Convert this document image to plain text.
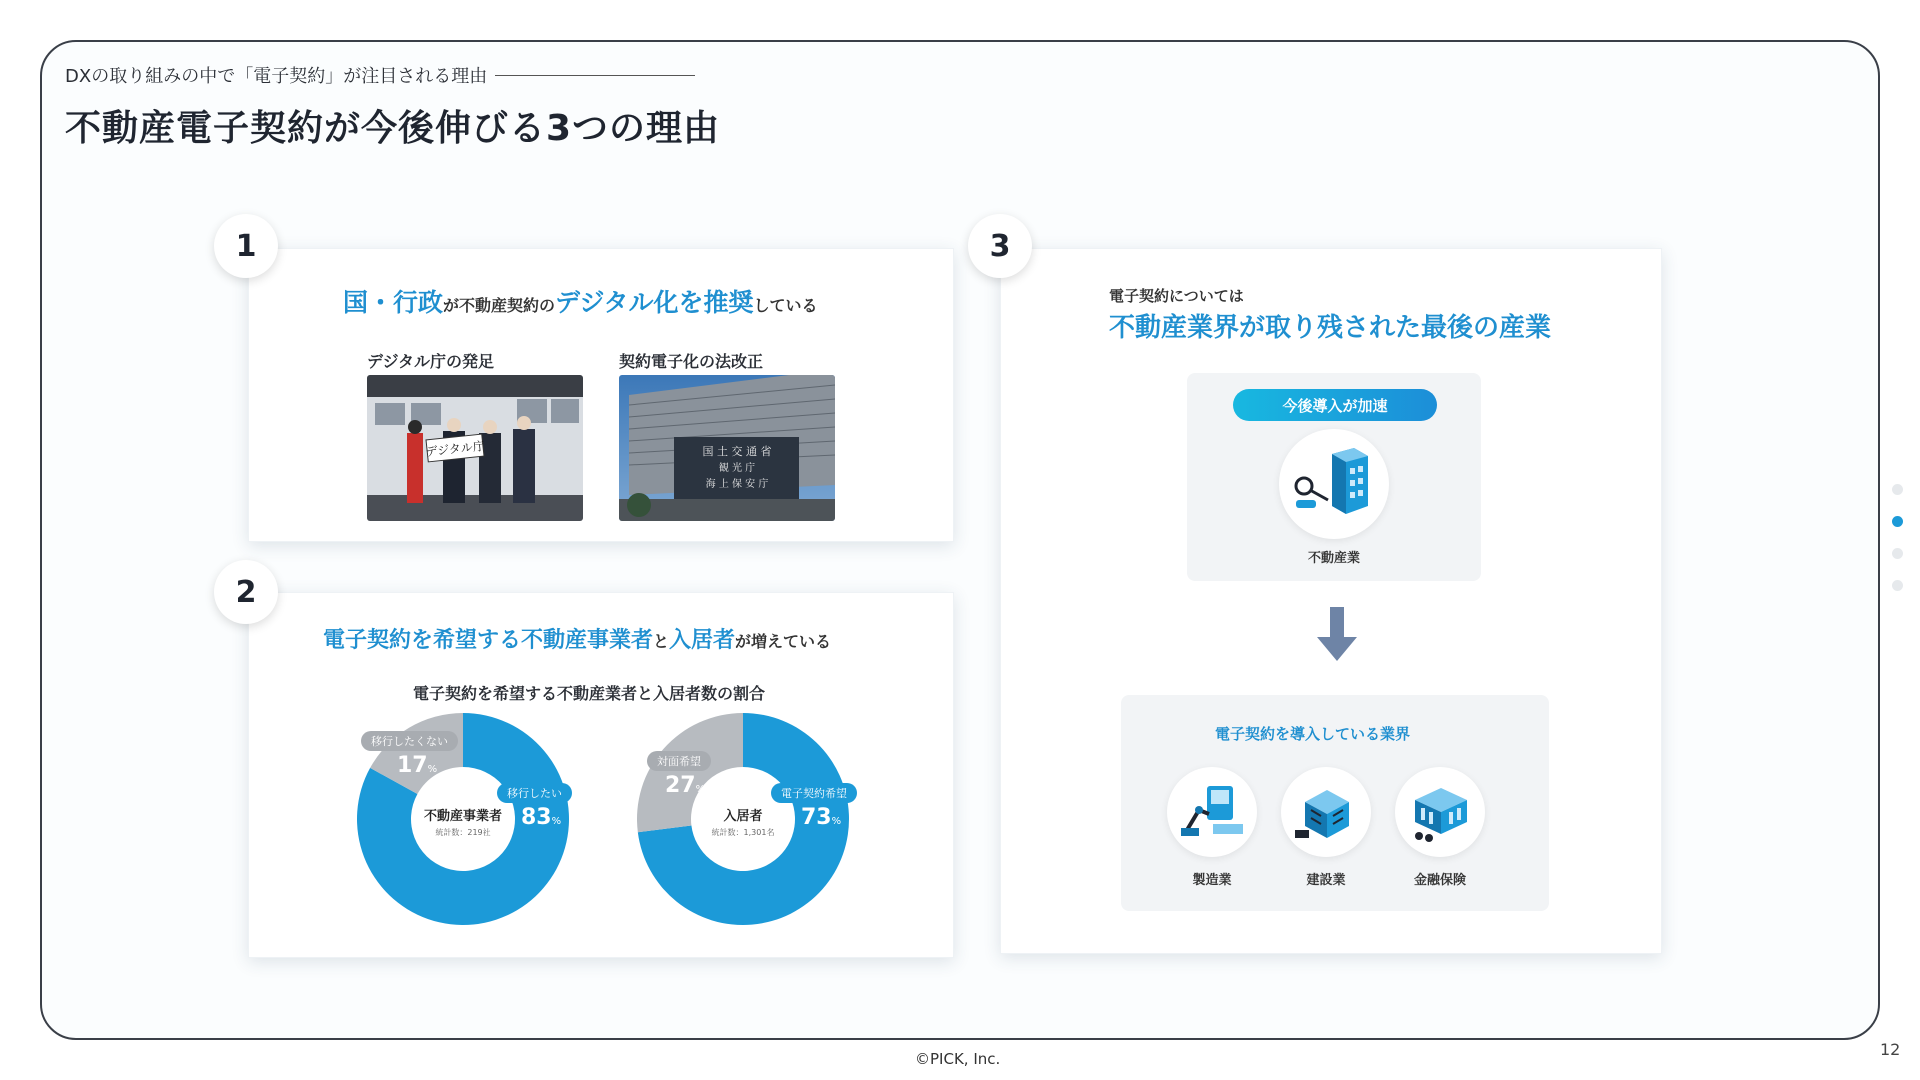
DXの取り組みの中で「電子契約」が注目される理由
不動産電子契約が今後伸びる3つの理由
国・行政が不動産契約のデジタル化を推奨している
デジタル庁の発足
デジタル庁
契約電子化の法改正
国 土 交 通 省
観 光 庁
海 上 保 安 庁
1
電子契約を希望する不動産事業者と入居者が増えている
電子契約を希望する不動産業者と入居者数の割合
不動産事業者
統計数：219社
移行したくない
17%
移行したい
83%	入居者
統計数：1,301名
対面希望
27%	電子契約希望
73%
2
電子契約については
不動産業界が取り残された最後の産業
今後導入が加速
不動産業
電子契約を導入している業界
製造業	建設業	金融保険
3
©PICK, Inc.	12
